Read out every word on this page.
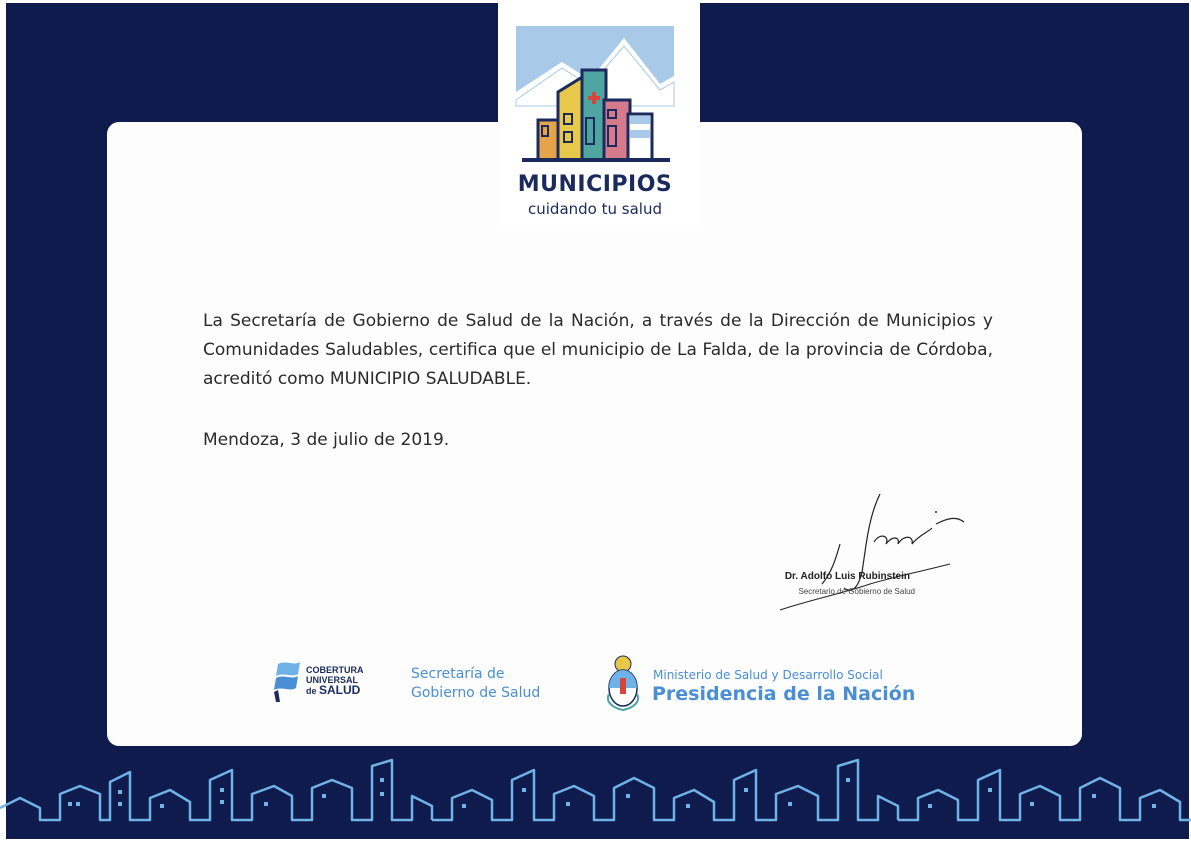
MUNICIPIOS
cuidando tu salud
La Secretaría de Gobierno de Salud de la Nación, a través de la Dirección de Municipios y Comunidades Saludables, certifica que el municipio de La Falda, de la provincia de Córdoba, acreditó como MUNICIPIO SALUDABLE.
Mendoza, 3 de julio de 2019.
Dr. Adolfo Luis Rubinstein
Secretario de Gobierno de Salud
COBERTURA
UNIVERSAL
de SALUD
Secretaría de
Gobierno de Salud
Ministerio de Salud y Desarrollo Social
Presidencia de la Nación
